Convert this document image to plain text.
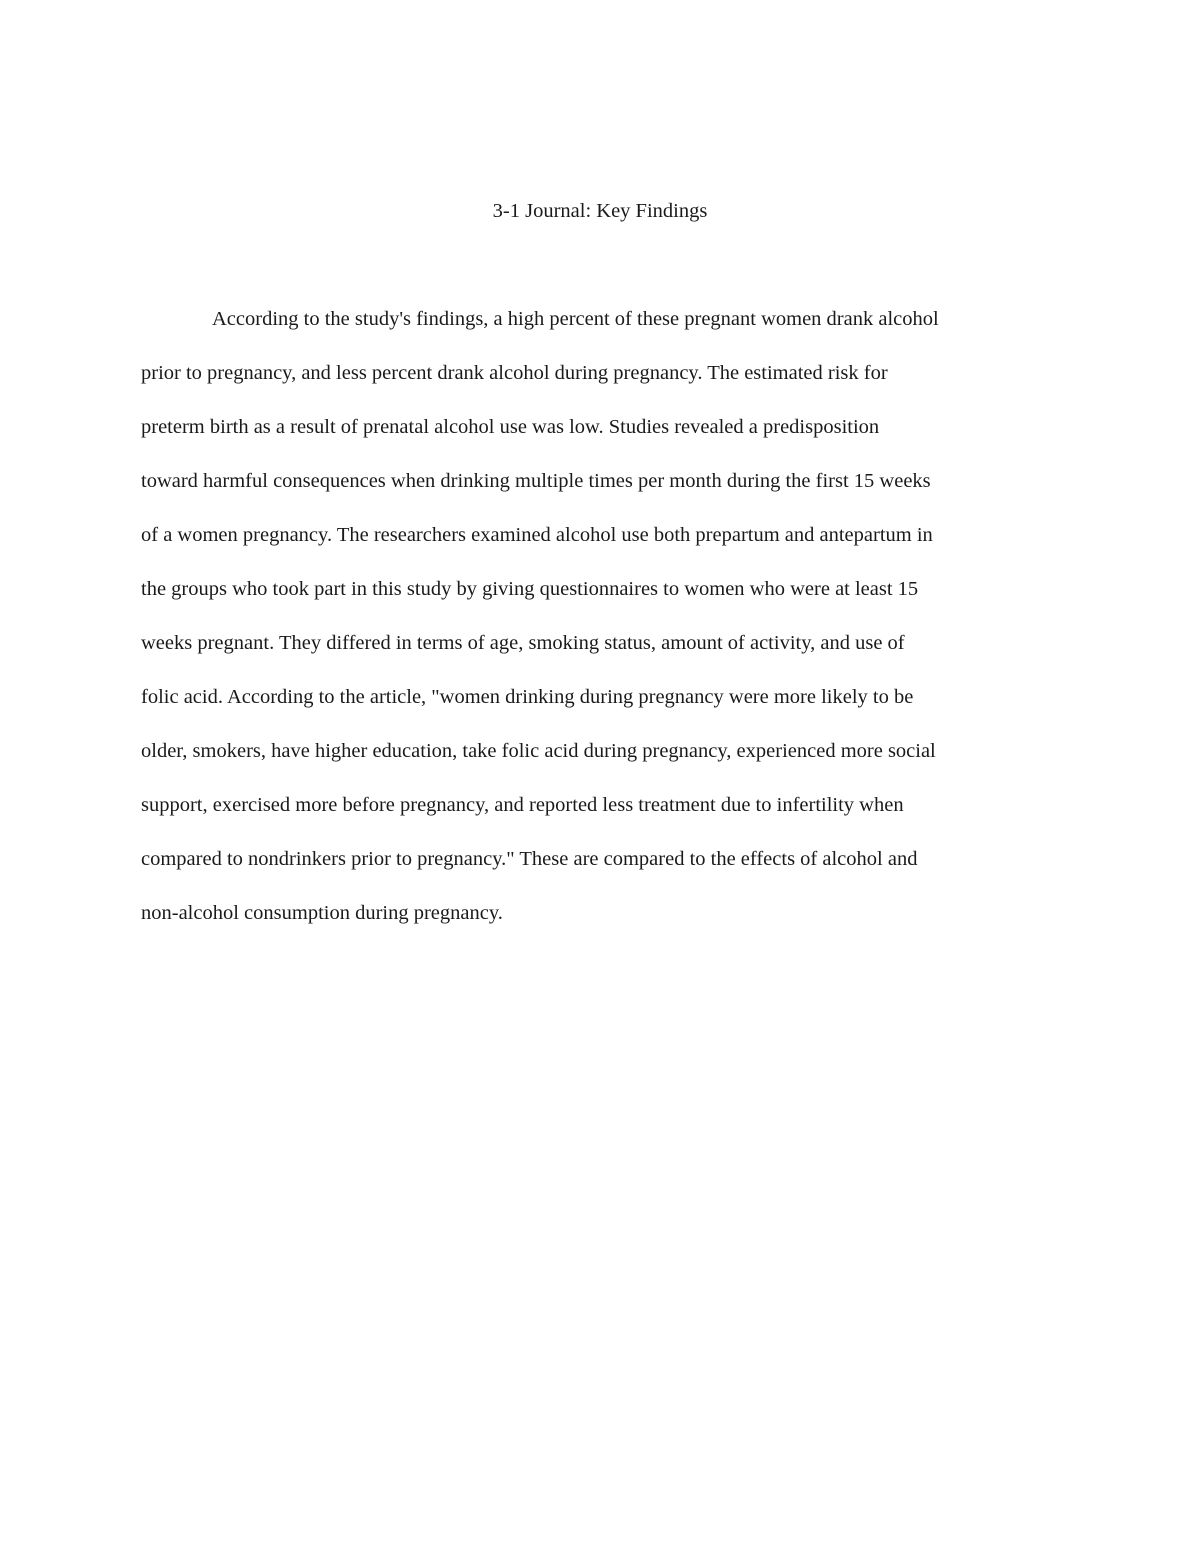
3-1 Journal: Key Findings

According to the study's findings, a high percent of these pregnant women drank alcohol

prior to pregnancy, and less percent drank alcohol during pregnancy. The estimated risk for

preterm birth as a result of prenatal alcohol use was low. Studies revealed a predisposition

toward harmful consequences when drinking multiple times per month during the first 15 weeks

of a women pregnancy. The researchers examined alcohol use both prepartum and antepartum in

the groups who took part in this study by giving questionnaires to women who were at least 15

weeks pregnant. They differed in terms of age, smoking status, amount of activity, and use of

folic acid. According to the article, "women drinking during pregnancy were more likely to be

older, smokers, have higher education, take folic acid during pregnancy, experienced more social

support, exercised more before pregnancy, and reported less treatment due to infertility when

compared to nondrinkers prior to pregnancy." These are compared to the effects of alcohol and

non-alcohol consumption during pregnancy.
